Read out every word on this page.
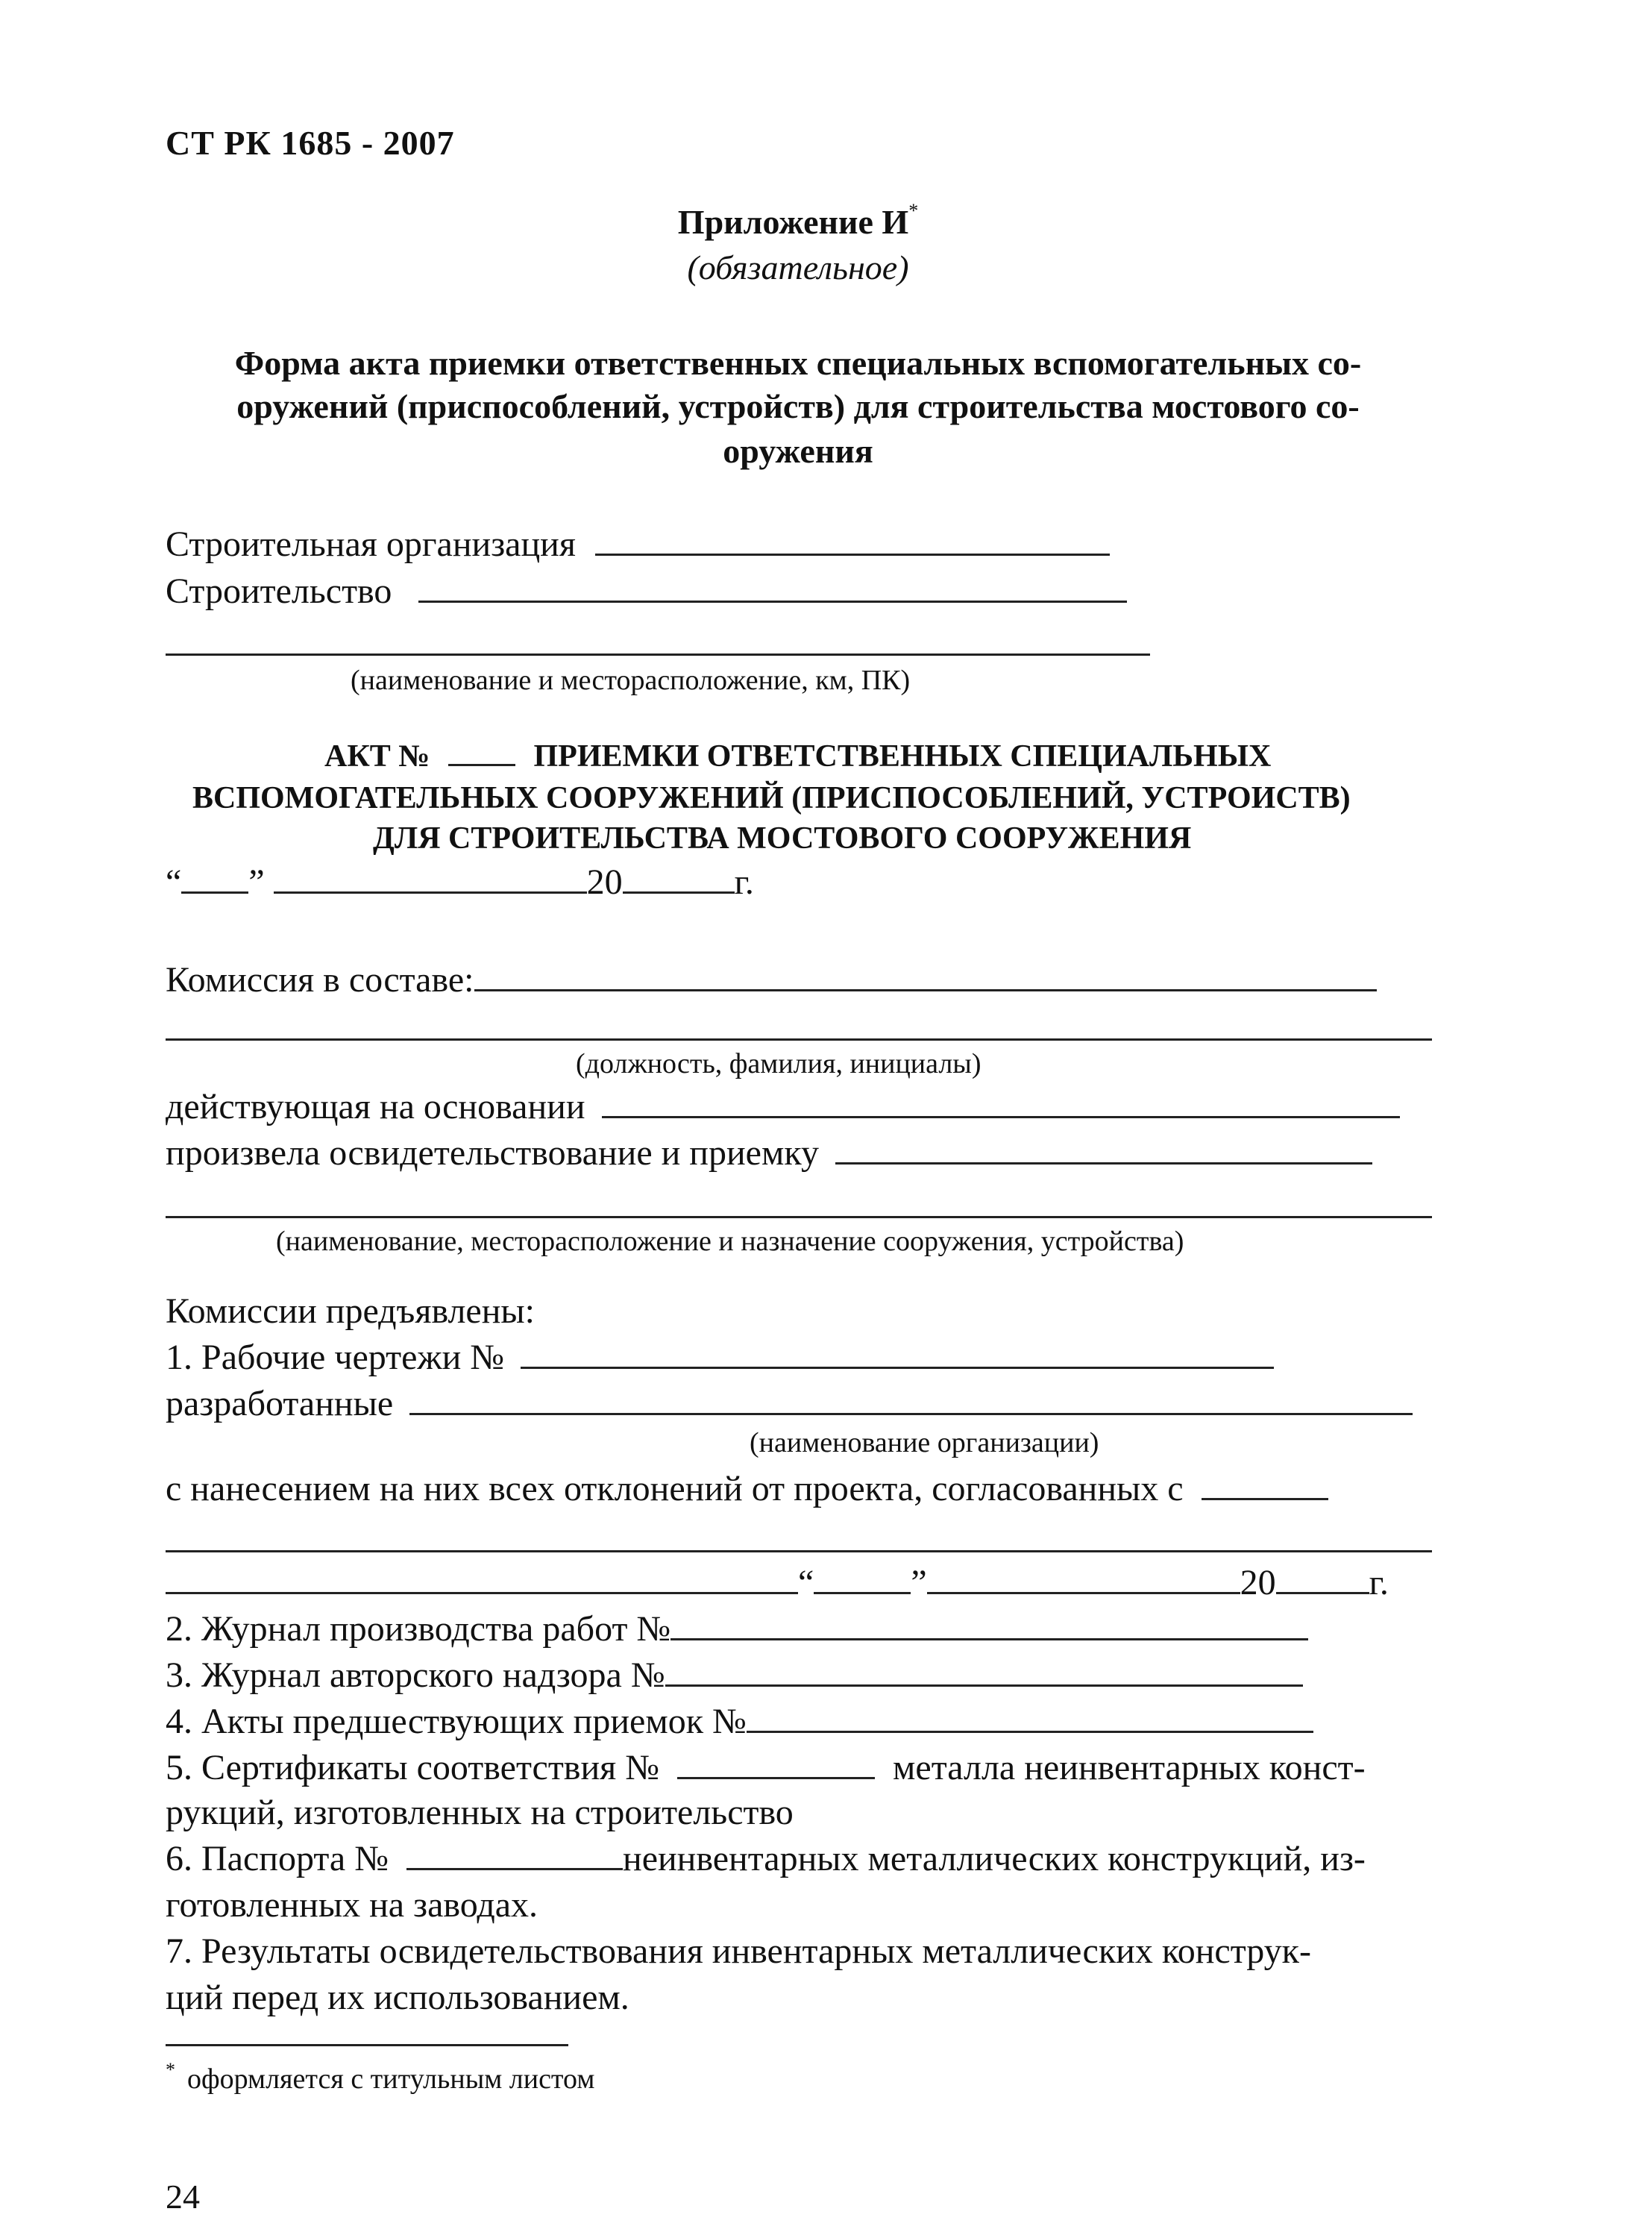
СТ РК 1685 - 2007
Приложение И*
(обязательное)
Форма акта приемки ответственных специальных вспомогательных со-
оружений (приспособлений, устройств) для строительства мостового со-
оружения
Строительная организация
Строительство
(наименование и месторасположение, км, ПК)
АКТ №	ПРИЕМКИ ОТВЕТСТВЕННЫХ СПЕЦИАЛЬНЫХ
ВСПОМОГАТЕЛЬНЫХ СООРУЖЕНИЙ (ПРИСПОСОБЛЕНИЙ, УСТРОИСТВ)
ДЛЯ СТРОИТЕЛЬСТВА МОСТОВОГО СООРУЖЕНИЯ
“ ”	20	г.
Комиссия в составе:
(должность, фамилия, инициалы)
действующая на основании
произвела освидетельствование и приемку
(наименование, месторасположение и назначение сооружения, устройства)
Комиссии предъявлены:
1. Рабочие чертежи №
разработанные
(наименование организации)
с нанесением на них всех отклонений от проекта, согласованных с
“	”	20	г.
2. Журнал производства работ №
3. Журнал авторского надзора №
4. Акты предшествующих приемок №
5. Сертификаты соответствия №	металла неинвентарных конст-
рукций, изготовленных на строительство
6. Паспорта №	неинвентарных металлических конструкций, из-
готовленных на заводах.
7. Результаты освидетельствования инвентарных металлических конструк-
ций перед их использованием.
* оформляется с титульным листом
24
